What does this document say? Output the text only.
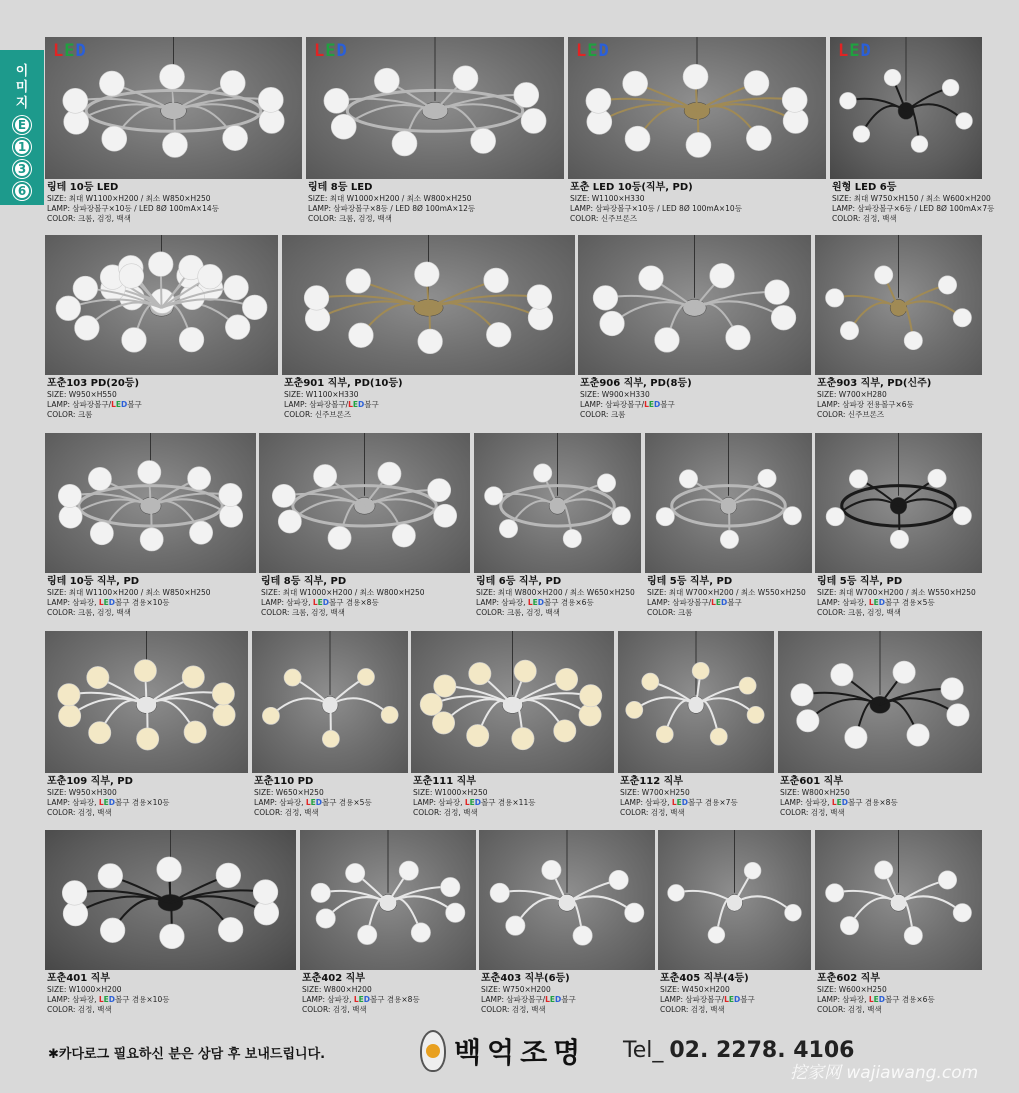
이
미
지
E
1
3
6
LED
링테 10등 LED
SIZE: 최대 W1100×H200 / 최소 W850×H250
LAMP: 삼파장볼구×10등 / LED 8Ø 100mA×14등
COLOR: 크롬, 검정, 백색
LED
링테 8등 LED
SIZE: 최대 W1000×H200 / 최소 W800×H250
LAMP: 삼파장볼구×8등 / LED 8Ø 100mA×12등
COLOR: 크롬, 검정, 백색
LED
포춘 LED 10등(직부, PD)
SIZE: W1100×H330
LAMP: 삼파장볼구×10등 / LED 8Ø 100mA×10등
COLOR: 신주브론즈
LED
원형 LED 6등
SIZE: 최대 W750×H150 / 최소 W600×H200
LAMP: 삼파장볼구×6등 / LED 8Ø 100mA×7등
COLOR: 검정, 백색
포춘103 PD(20등)
SIZE: W950×H550
LAMP: 삼파장볼구/LED볼구
COLOR: 크롬
포춘901 직부, PD(10등)
SIZE: W1100×H330
LAMP: 삼파장볼구/LED볼구
COLOR: 신주브론즈
포춘906 직부, PD(8등)
SIZE: W900×H330
LAMP: 삼파장볼구/LED볼구
COLOR: 크롬
포춘903 직부, PD(신주)
SIZE: W700×H280
LAMP: 삼파장 전용볼구×6등
COLOR: 신주브론즈
링테 10등 직부, PD
SIZE: 최대 W1100×H200 / 최소 W850×H250
LAMP: 삼파장, LED볼구 겸용×10등
COLOR: 크롬, 검정, 백색
링테 8등 직부, PD
SIZE: 최대 W1000×H200 / 최소 W800×H250
LAMP: 삼파장, LED볼구 겸용×8등
COLOR: 크롬, 검정, 백색
링테 6등 직부, PD
SIZE: 최대 W800×H200 / 최소 W650×H250
LAMP: 삼파장, LED볼구 겸용×6등
COLOR: 크롬, 검정, 백색
링테 5등 직부, PD
SIZE: 최대 W700×H200 / 최소 W550×H250
LAMP: 삼파장볼구/LED볼구
COLOR: 크롬
링테 5등 직부, PD
SIZE: 최대 W700×H200 / 최소 W550×H250
LAMP: 삼파장, LED볼구 겸용×5등
COLOR: 크롬, 검정, 백색
포춘109 직부, PD
SIZE: W950×H300
LAMP: 삼파장, LED볼구 겸용×10등
COLOR: 검정, 백색
포춘110 PD
SIZE: W650×H250
LAMP: 삼파장, LED볼구 겸용×5등
COLOR: 검정, 백색
포춘111 직부
SIZE: W1000×H250
LAMP: 삼파장, LED볼구 겸용×11등
COLOR: 검정, 백색
포춘112 직부
SIZE: W700×H250
LAMP: 삼파장, LED볼구 겸용×7등
COLOR: 검정, 백색
포춘601 직부
SIZE: W800×H250
LAMP: 삼파장, LED볼구 겸용×8등
COLOR: 검정, 백색
포춘401 직부
SIZE: W1000×H200
LAMP: 삼파장, LED볼구 겸용×10등
COLOR: 검정, 백색
포춘402 직부
SIZE: W800×H200
LAMP: 삼파장, LED볼구 겸용×8등
COLOR: 검정, 백색
포춘403 직부(6등)
SIZE: W750×H200
LAMP: 삼파장볼구/LED볼구
COLOR: 검정, 백색
포춘405 직부(4등)
SIZE: W450×H200
LAMP: 삼파장볼구/LED볼구
COLOR: 검정, 백색
포춘602 직부
SIZE: W600×H250
LAMP: 삼파장, LED볼구 겸용×6등
COLOR: 검정, 백색
✱카다로그 필요하신 분은 상담 후 보내드립니다.	백억조명 Tel_ 02. 2278. 4106
挖家网 wajiawang.com
